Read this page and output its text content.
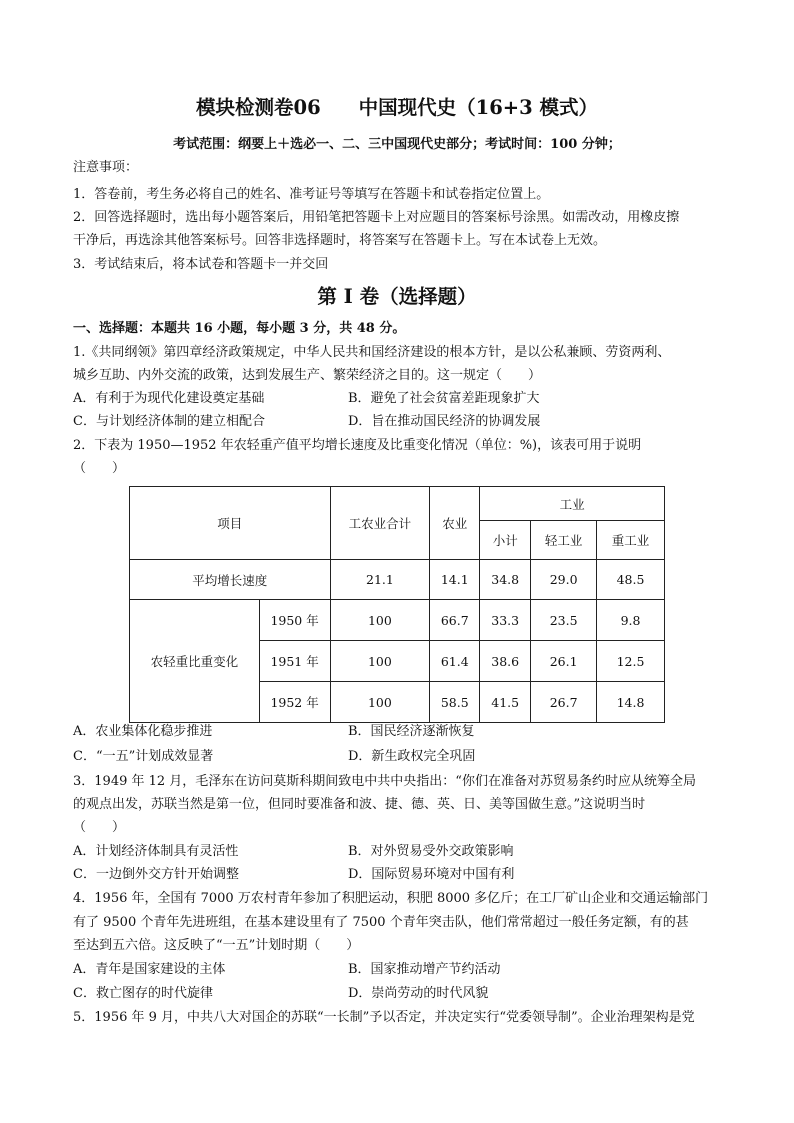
模块检测卷06 中国现代史（16+3 模式）
考试范围：纲要上＋选必一、二、三中国现代史部分；考试时间：100 分钟；
注意事项：
1．答卷前，考生务必将自己的姓名、准考证号等填写在答题卡和试卷指定位置上。
2．回答选择题时，选出每小题答案后，用铅笔把答题卡上对应题目的答案标号涂黑。如需改动，用橡皮擦
干净后，再选涂其他答案标号。回答非选择题时，将答案写在答题卡上。写在本试卷上无效。
3．考试结束后，将本试卷和答题卡一并交回
第 I 卷（选择题）
一、选择题：本题共 16 小题，每小题 3 分，共 48 分。
1.《共同纲领》第四章经济政策规定，中华人民共和国经济建设的根本方针，是以公私兼顾、劳资两利、
城乡互助、内外交流的政策，达到发展生产、繁荣经济之目的。这一规定（　　）
A．有利于为现代化建设奠定基础	B．避免了社会贫富差距现象扩大
C．与计划经济体制的建立相配合	D．旨在推动国民经济的协调发展
2．下表为 1950—1952 年农轻重产值平均增长速度及比重变化情况（单位：%)，该表可用于说明
（　　）
项目		工农业合计	农业	工业		
				小计	轻工业	重工业
平均增长速度		21.1	14.1	34.8	29.0	48.5
农轻重比重变化	1950 年	100	66.7	33.3	23.5	9.8
	1951 年	100	61.4	38.6	26.1	12.5
	1952 年	100	58.5	41.5	26.7	14.8
A．农业集体化稳步推进	B．国民经济逐渐恢复
C．“一五”计划成效显著	D．新生政权完全巩固
3．1949 年 12 月，毛泽东在访问莫斯科期间致电中共中央指出：“你们在准备对苏贸易条约时应从统筹全局
的观点出发，苏联当然是第一位，但同时要准备和波、捷、德、英、日、美等国做生意。”这说明当时
（　　）
A．计划经济体制具有灵活性	B．对外贸易受外交政策影响
C．一边倒外交方针开始调整	D．国际贸易环境对中国有利
4．1956 年，全国有 7000 万农村青年参加了积肥运动，积肥 8000 多亿斤；在工厂矿山企业和交通运输部门
有了 9500 个青年先进班组，在基本建设里有了 7500 个青年突击队，他们常常超过一般任务定额，有的甚
至达到五六倍。这反映了“一五”计划时期（　　）
A．青年是国家建设的主体	B．国家推动增产节约活动
C．救亡图存的时代旋律	D．崇尚劳动的时代风貌
5．1956 年 9 月，中共八大对国企的苏联“一长制”予以否定，并决定实行“党委领导制”。企业治理架构是党
